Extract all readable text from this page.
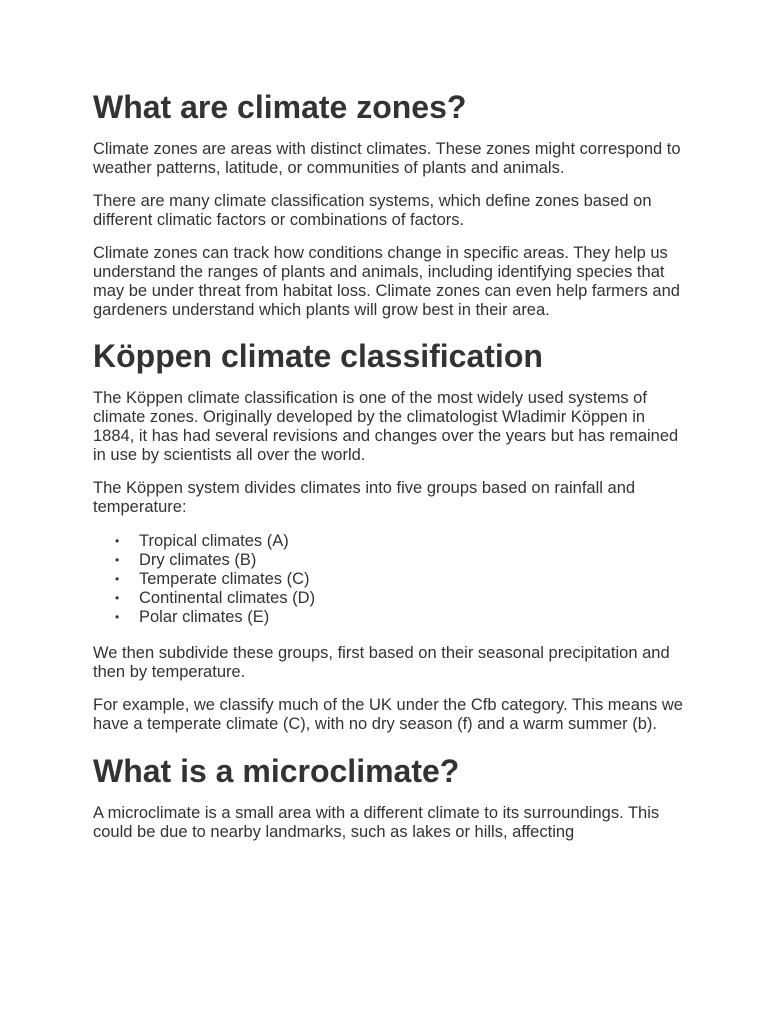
What are climate zones?

Climate zones are areas with distinct climates. These zones might correspond to weather patterns, latitude, or communities of plants and animals.

There are many climate classification systems, which define zones based on different climatic factors or combinations of factors.

Climate zones can track how conditions change in specific areas. They help us understand the ranges of plants and animals, including identifying species that may be under threat from habitat loss. Climate zones can even help farmers and gardeners understand which plants will grow best in their area.

Köppen climate classification

The Köppen climate classification is one of the most widely used systems of climate zones. Originally developed by the climatologist Wladimir Köppen in 1884, it has had several revisions and changes over the years but has remained in use by scientists all over the world.

The Köppen system divides climates into five groups based on rainfall and temperature:

• Tropical climates (A)
• Dry climates (B)
• Temperate climates (C)
• Continental climates (D)
• Polar climates (E)

We then subdivide these groups, first based on their seasonal precipitation and then by temperature.

For example, we classify much of the UK under the Cfb category. This means we have a temperate climate (C), with no dry season (f) and a warm summer (b).

What is a microclimate?

A microclimate is a small area with a different climate to its surroundings. This could be due to nearby landmarks, such as lakes or hills, affecting
